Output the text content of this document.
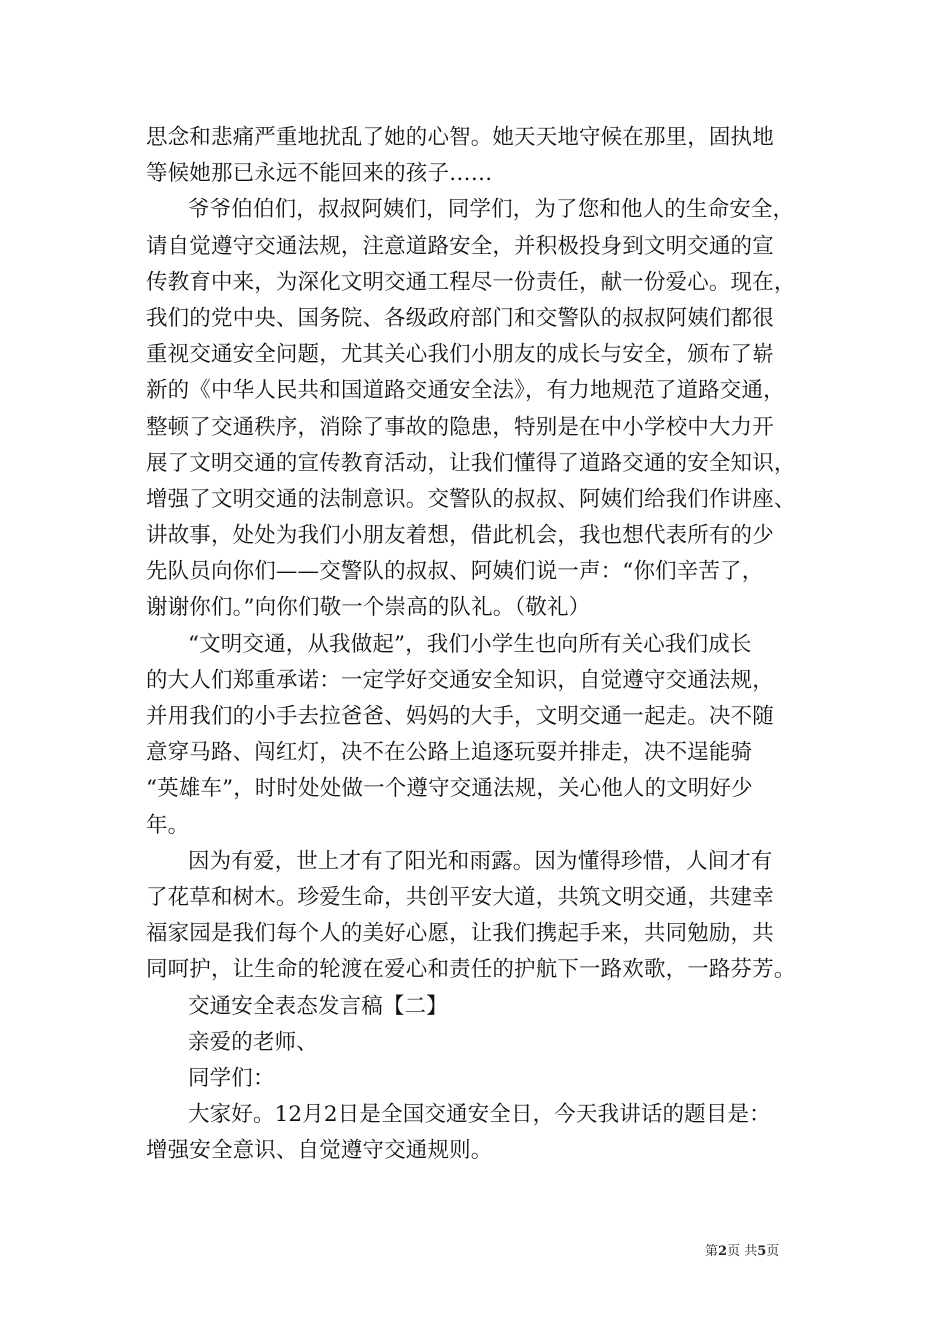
思念和悲痛严重地扰乱了她的心智。她天天地守候在那里，固执地
等候她那已永远不能回来的孩子……
爷爷伯伯们，叔叔阿姨们，同学们，为了您和他人的生命安全，
请自觉遵守交通法规，注意道路安全，并积极投身到文明交通的宣
传教育中来，为深化文明交通工程尽一份责任，献一份爱心。现在，
我们的党中央、国务院、各级政府部门和交警队的叔叔阿姨们都很
重视交通安全问题，尤其关心我们小朋友的成长与安全，颁布了崭
新的《中华人民共和国道路交通安全法》，有力地规范了道路交通，
整顿了交通秩序，消除了事故的隐患，特别是在中小学校中大力开
展了文明交通的宣传教育活动，让我们懂得了道路交通的安全知识，
增强了文明交通的法制意识。交警队的叔叔、阿姨们给我们作讲座、
讲故事，处处为我们小朋友着想，借此机会，我也想代表所有的少
先队员向你们——交警队的叔叔、阿姨们说一声：“你们辛苦了，
谢谢你们。”向你们敬一个崇高的队礼。（敬礼）
“文明交通，从我做起”，我们小学生也向所有关心我们成长
的大人们郑重承诺：一定学好交通安全知识，自觉遵守交通法规，
并用我们的小手去拉爸爸、妈妈的大手，文明交通一起走。决不随
意穿马路、闯红灯，决不在公路上追逐玩耍并排走，决不逞能骑
“英雄车”，时时处处做一个遵守交通法规，关心他人的文明好少
年。
因为有爱，世上才有了阳光和雨露。因为懂得珍惜，人间才有
了花草和树木。珍爱生命，共创平安大道，共筑文明交通，共建幸
福家园是我们每个人的美好心愿，让我们携起手来，共同勉励，共
同呵护，让生命的轮渡在爱心和责任的护航下一路欢歌，一路芬芳。
交通安全表态发言稿【二】
亲爱的老师、
同学们：
大家好。12月2日是全国交通安全日，今天我讲话的题目是：
增强安全意识、自觉遵守交通规则。
第2页 共5页
